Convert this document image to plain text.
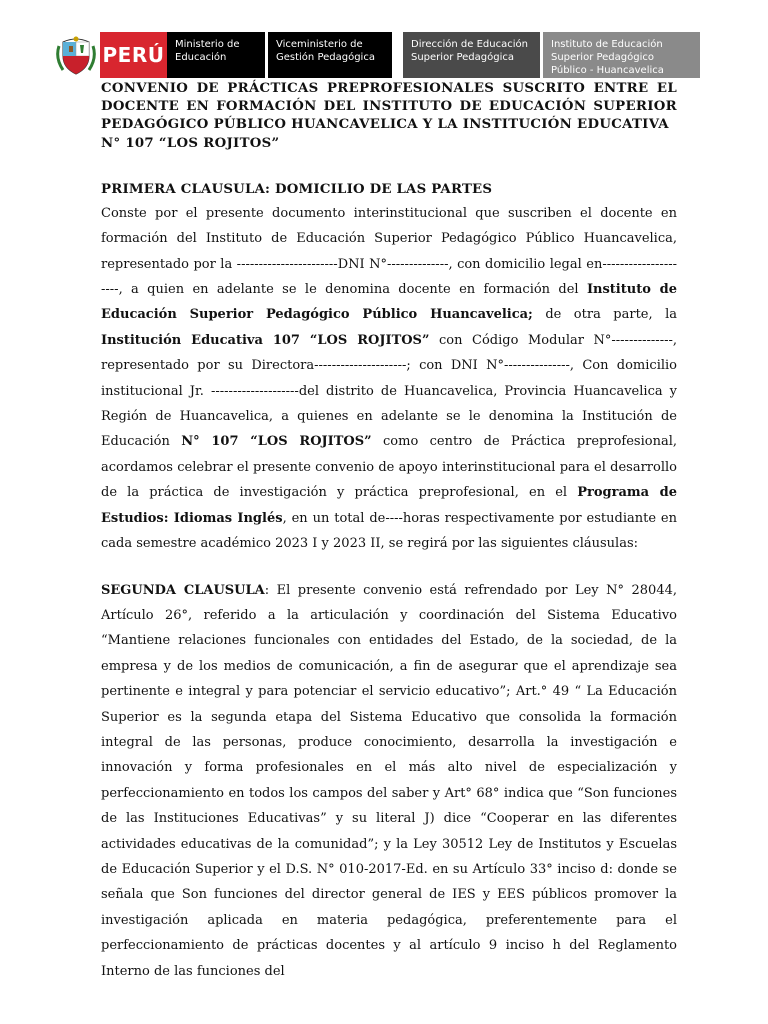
PERÚ	Ministerio de Educación
Viceministerio de Gestión Pedagógica
Dirección de Educación Superior Pedagógica
Instituto de Educación Superior Pedagógico Público - Huancavelica
CONVENIO DE PRÁCTICAS PREPROFESIONALES SUSCRITO ENTRE EL DOCENTE EN FORMACIÓN DEL INSTITUTO DE EDUCACIÓN SUPERIOR PEDAGÓGICO PÚBLICO HUANCAVELICA Y LA INSTITUCIÓN EDUCATIVA
N° 107 “LOS ROJITOS”
PRIMERA CLAUSULA: DOMICILIO DE LAS PARTES

Conste por el presente documento interinstitucional que suscriben el docente en formación del Instituto de Educación Superior Pedagógico Público Huancavelica, representado por la -----------------------DNI N°--------------, con domicilio legal en---------------------, a quien en adelante se le denomina docente en formación del Instituto de Educación Superior Pedagógico Público Huancavelica; de otra parte, la Institución Educativa 107 “LOS ROJITOS” con Código Modular N°--------------, representado por su Directora---------------------; con DNI N°---------------, Con domicilio institucional Jr. --------------------del distrito de Huancavelica, Provincia Huancavelica y Región de Huancavelica, a quienes en adelante se le denomina la Institución de Educación N° 107 “LOS ROJITOS” como centro de Práctica preprofesional, acordamos celebrar el presente convenio de apoyo interinstitucional para el desarrollo de la práctica de investigación y práctica preprofesional, en el Programa de Estudios: Idiomas Inglés, en un total de----horas respectivamente por estudiante en cada semestre académico 2023 I y 2023 II, se regirá por las siguientes cláusulas:

SEGUNDA CLAUSULA: El presente convenio está refrendado por Ley N° 28044, Artículo 26°, referido a la articulación y coordinación del Sistema Educativo “Mantiene relaciones funcionales con entidades del Estado, de la sociedad, de la empresa y de los medios de comunicación, a fin de asegurar que el aprendizaje sea pertinente e integral y para potenciar el servicio educativo”; Art.° 49 “ La Educación Superior es la segunda etapa del Sistema Educativo que consolida la formación integral de las personas, produce conocimiento, desarrolla la investigación e innovación y forma profesionales en el más alto nivel de especialización y perfeccionamiento en todos los campos del saber y Art° 68° indica que “Son funciones de las Instituciones Educativas” y su literal J) dice “Cooperar en las diferentes actividades educativas de la comunidad”; y la Ley 30512 Ley de Institutos y Escuelas de Educación Superior y el D.S. N° 010-2017-Ed. en su Artículo 33° inciso d: donde se señala que Son funciones del director general de IES y EES públicos promover la investigación aplicada en materia pedagógica, preferentemente para el perfeccionamiento de prácticas docentes y al artículo 9 inciso h del Reglamento Interno de las funciones del
